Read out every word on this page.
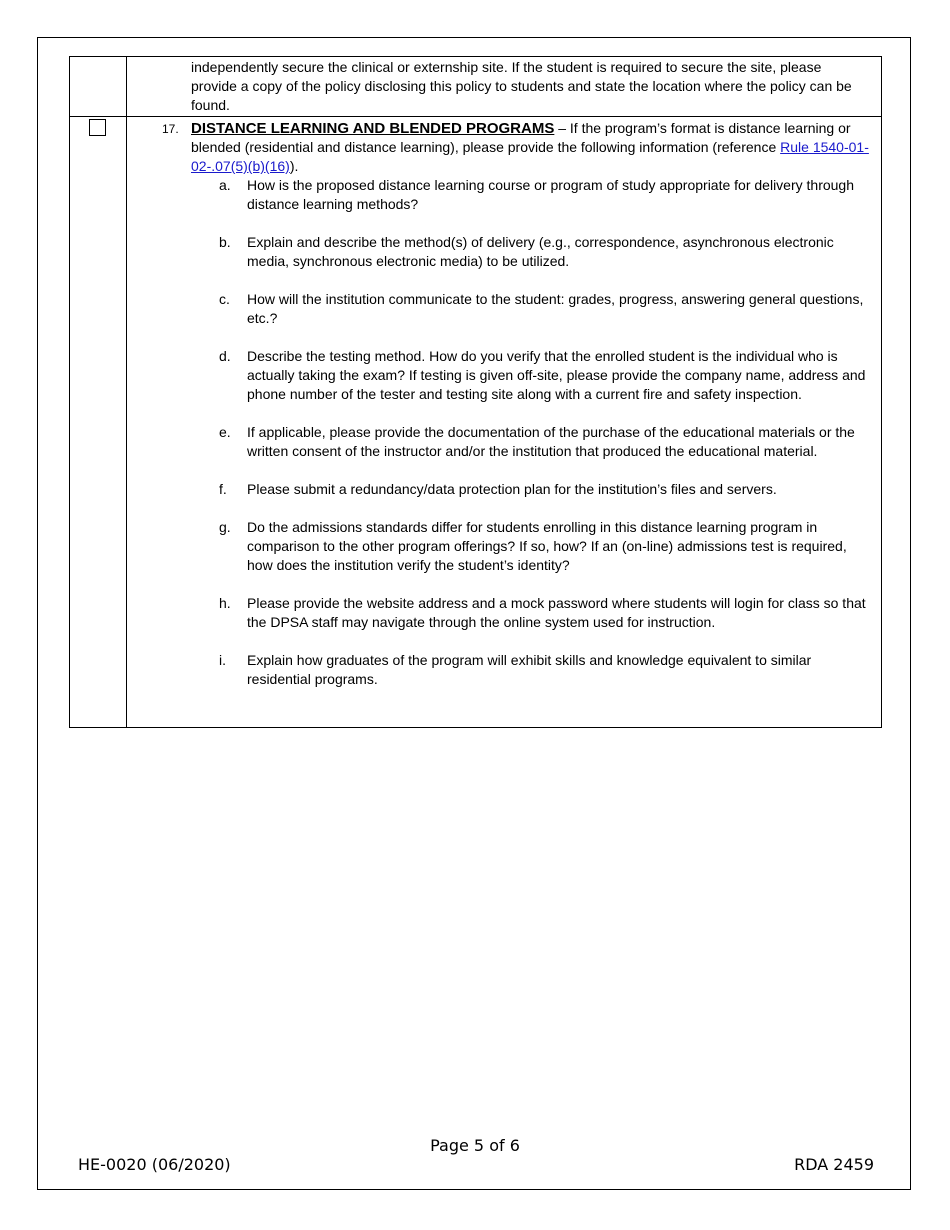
independently secure the clinical or externship site. If the student is required to secure the site, please provide a copy of the policy disclosing this policy to students and state the location where the policy can be found.
17. DISTANCE LEARNING AND BLENDED PROGRAMS – If the program’s format is distance learning or blended (residential and distance learning), please provide the following information (reference Rule 1540-01-02-.07(5)(b)(16)).
a. How is the proposed distance learning course or program of study appropriate for delivery through distance learning methods?
b. Explain and describe the method(s) of delivery (e.g., correspondence, asynchronous electronic media, synchronous electronic media) to be utilized.
c. How will the institution communicate to the student: grades, progress, answering general questions, etc.?
d. Describe the testing method. How do you verify that the enrolled student is the individual who is actually taking the exam? If testing is given off-site, please provide the company name, address and phone number of the tester and testing site along with a current fire and safety inspection.
e. If applicable, please provide the documentation of the purchase of the educational materials or the written consent of the instructor and/or the institution that produced the educational material.
f. Please submit a redundancy/data protection plan for the institution’s files and servers.
g. Do the admissions standards differ for students enrolling in this distance learning program in comparison to the other program offerings? If so, how? If an (on-line) admissions test is required, how does the institution verify the student’s identity?
h. Please provide the website address and a mock password where students will login for class so that the DPSA staff may navigate through the online system used for instruction.
i. Explain how graduates of the program will exhibit skills and knowledge equivalent to similar residential programs.
Page 5 of 6
HE-0020 (06/2020)	RDA 2459
